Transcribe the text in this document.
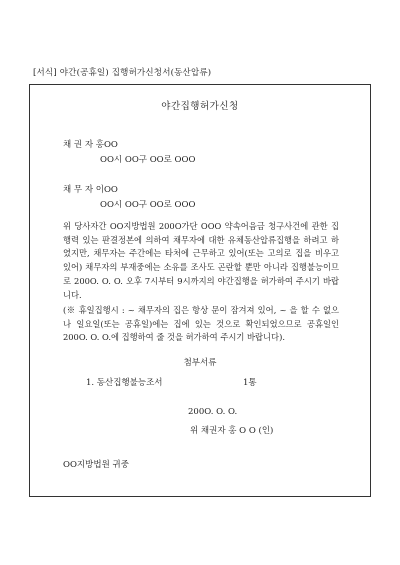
[서식] 야간(공휴일) 집행허가신청서(동산압류)
야간집행허가신청
채 권 자 홍OO
OO시 OO구 OO로 OOO
채 무 자 이OO
OO시 OO구 OO로 OOO
위 당사자간 OO지방법원 200O가단 OOO 약속어음금 청구사건에 관한 집행력 있는 판결정본에 의하여 채무자에 대한 유체동산압류집행을 하려고 하였지만, 채무자는 주간에는 타처에 근무하고 있어(또는 고의로 집을 비우고 있어) 채무자의 부재중에는 소유를 조사도 곤란할 뿐만 아니라 집행불능이므로 200O. O. O. 오후 7시부터 9시까지의 야간집행을 허가하여 주시기 바랍니다.
(※ 휴일집행시 : ~ 채무자의 집은 항상 문이 잠겨져 있어, ~ 을 할 수 없으나 일요일(또는 공휴일)에는 집에 있는 것으로 확인되었으므로 공휴일인 200O. O. O.에 집행하여 줄 것을 허가하여 주시기 바랍니다).
첨부서류
1. 동산집행불능조서	1통
200O. O. O.
위 채권자 홍 O O (인)
OO지방법원 귀중
